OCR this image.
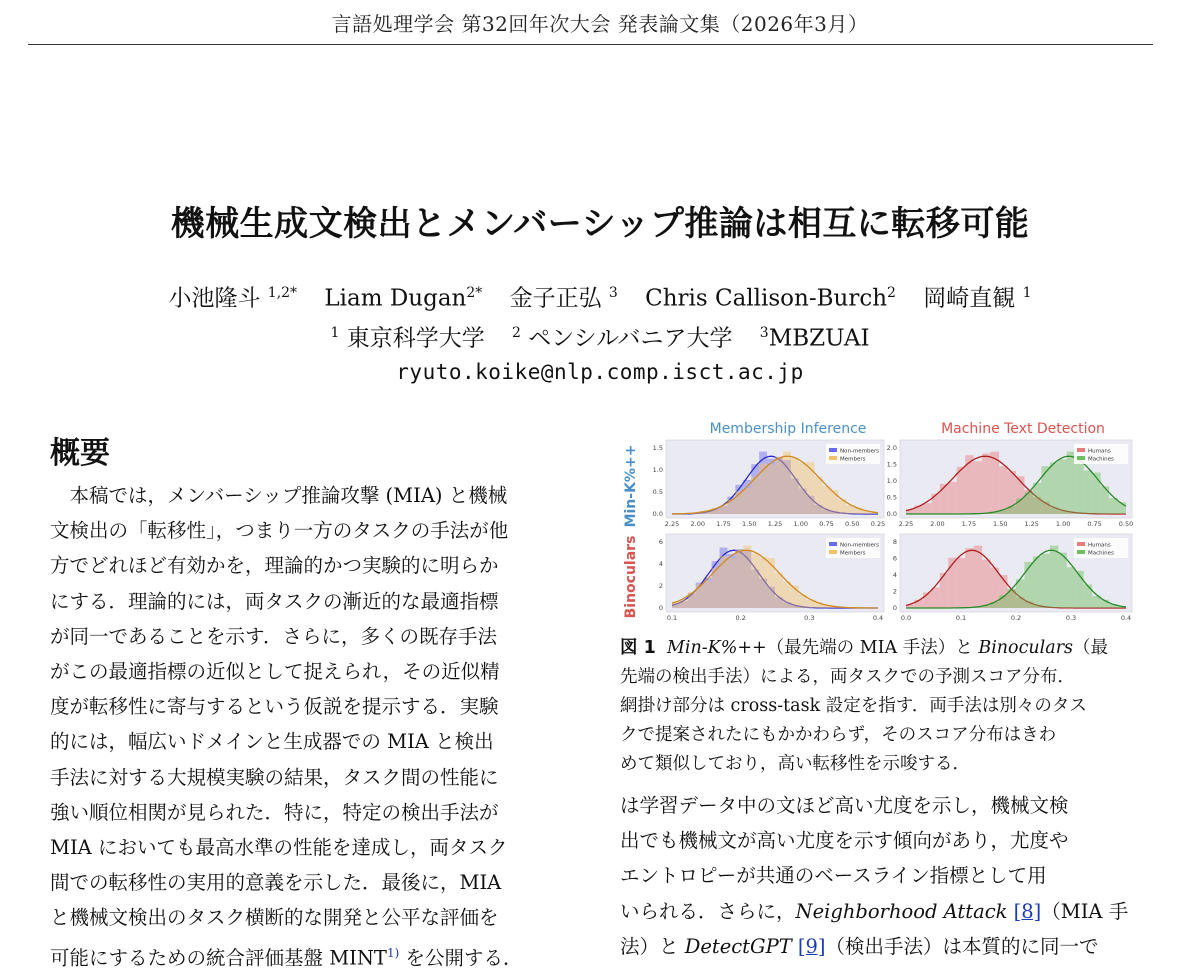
言語処理学会 第32回年次大会 発表論文集（2026年3月）
機械生成文検出とメンバーシップ推論は相互に転移可能
小池隆斗 $^{1,2*}$ Liam Dugan$^{2*}$ 金子正弘 $^3$ Chris Callison-Burch$^2$ 岡崎直観 $^1$
$^1$ 東京科学大学 $^2$ ペンシルバニア大学 $^3$MBZUAI
ryuto.koike@nlp.comp.isct.ac.jp
概要
本稿では，メンバーシップ推論攻撃 (MIA) と機械
文検出の「転移性」，つまり一方のタスクの手法が他
方でどれほど有効かを，理論的かつ実験的に明らか
にする．理論的には，両タスクの漸近的な最適指標
が同一であることを示す．さらに，多くの既存手法
がこの最適指標の近似として捉えられ，その近似精
度が転移性に寄与するという仮説を提示する．実験
的には，幅広いドメインと生成器での MIA と検出
手法に対する大規模実験の結果，タスク間の性能に
強い順位相関が見られた．特に，特定の検出手法が
MIA においても最高水準の性能を達成し，両タスク
間での転移性の実用的意義を示した．最後に，MIA
と機械文検出のタスク横断的な開発と公平な評価を
可能にするための統合評価基盤 MINT$^{1)}$ を公開する．
Membership Inference	Machine Text Detection
Min-K%++
Binoculars
Non-members
Members
2.25 2.00 1.75 1.50 1.25 1.00 0.75 0.50 0.25
1.5
1.0
0.5
0.0
Humans
Machines
2.25	2.00	1.75	1.50	1.25	1.00	0.75	0.50
2.0
1.5
1.0
0.5
0.0
Non-members
Members
0.1	0.2	0.3	0.4
6
4
2
0
Humans
Machines
0.0	0.1	0.2	0.3	0.4
8
6
4
2
0
図 1 Min-K%++（最先端の MIA 手法）と Binoculars（最
先端の検出手法）による，両タスクでの予測スコア分布．
網掛け部分は cross-task 設定を指す．両手法は別々のタス
クで提案されたにもかかわらず，そのスコア分布はきわ
めて類似しており，高い転移性を示唆する．
は学習データ中の文ほど高い尤度を示し，機械文検
出でも機械文が高い尤度を示す傾向があり，尤度や
エントロピーが共通のベースライン指標として用
いられる．さらに，Neighborhood Attack [8]（MIA 手
法）と DetectGPT [9]（検出手法）は本質的に同一で
